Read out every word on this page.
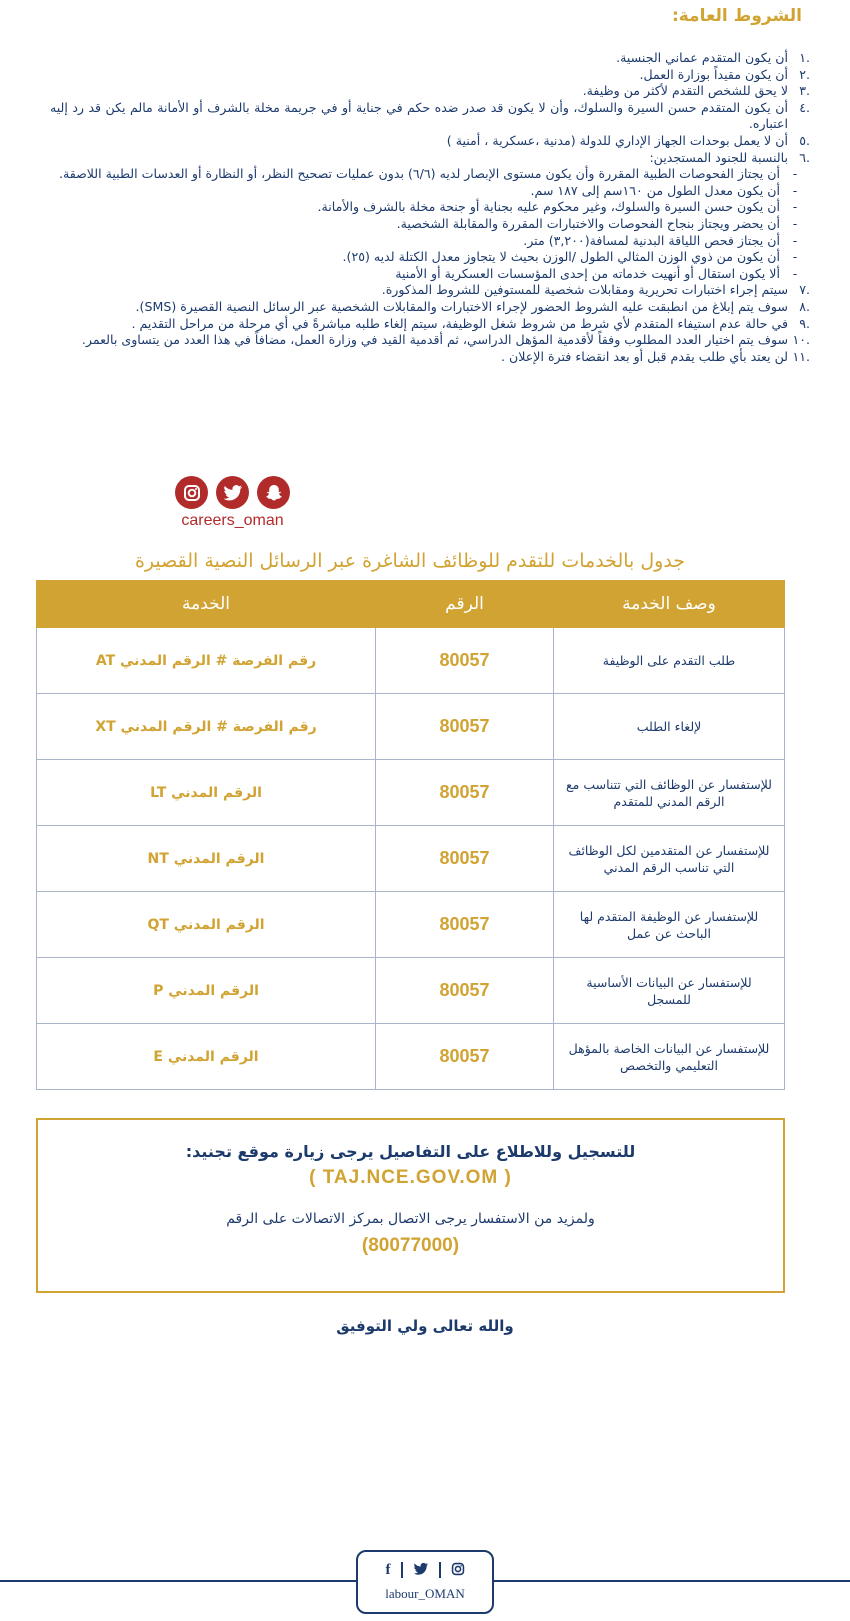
الشروط العامة:
.١
أن يكون المتقدم عماني الجنسية.
.٢
أن يكون مقيداً بوزارة العمل.
.٣
لا يحق للشخص التقدم لأكثر من وظيفة.
.٤
أن يكون المتقدم حسن السيرة والسلوك، وأن لا يكون قد صدر ضده حكم في جناية أو في جريمة مخلة بالشرف أو الأمانة مالم يكن قد رد إليه اعتباره.
.٥
أن لا يعمل بوحدات الجهاز الإداري للدولة (مدنية ،عسكرية ، أمنية )
.٦
بالنسبة للجنود المستجدين:
-
أن يجتاز الفحوصات الطبية المقررة وأن يكون مستوى الإبصار لديه (٦/٦) بدون عمليات تصحيح النظر، أو النظارة أو العدسات الطبية اللاصقة.
-
أن يكون معدل الطول من ١٦٠سم إلى ١٨٧ سم.
-
أن يكون حسن السيرة والسلوك، وغير محكوم عليه بجناية أو جنحة مخلة بالشرف والأمانة.
-
أن يحضر ويجتاز بنجاح الفحوصات والاختبارات المقررة والمقابلة الشخصية.
-
أن يجتاز فحص اللياقة البدنية لمسافة(٣,٢٠٠) متر.
-
أن يكون من ذوي الوزن المثالي الطول /الوزن بحيث لا يتجاوز معدل الكتلة لديه (٢٥).
-
ألا يكون استقال أو أنهيت خدماته من إحدى المؤسسات العسكرية أو الأمنية
.٧
سيتم إجراء اختبارات تحريرية ومقابلات شخصية للمستوفين للشروط المذكورة.
.٨
سوف يتم إبلاغ من انطبقت عليه الشروط الحضور لإجراء الاختبارات والمقابلات الشخصية عبر الرسائل النصية القصيرة (SMS).
.٩
في حالة عدم استيفاء المتقدم لأي شرط من شروط شغل الوظيفة، سيتم إلغاء طلبه مباشرةً في أي مرحلة من مراحل التقديم .
.١٠
سوف يتم اختيار العدد المطلوب وفقاً لأقدمية المؤهل الدراسي، ثم أقدمية القيد في وزارة العمل، مضافاً في هذا العدد من يتساوى بالعمر.
.١١
لن يعتد بأي طلب يقدم قبل أو بعد انقضاء فترة الإعلان .
careers_oman
جدول بالخدمات للتقدم للوظائف الشاغرة عبر الرسائل النصية القصيرة
وصف الخدمة	الرقم	الخدمة
طلب التقدم على الوظيفة	80057	رقم الفرصة # الرقم المدني AT
لإلغاء الطلب	80057	رقم الفرصة # الرقم المدني XT
للإستفسار عن الوظائف التي تتناسب مع الرقم المدني للمتقدم	80057	الرقم المدني LT
للإستفسار عن المتقدمين لكل الوظائف التي تناسب الرقم المدني	80057	الرقم المدني NT
للإستفسار عن الوظيفة المتقدم لها الباحث عن عمل	80057	الرقم المدني QT
للإستفسار عن البيانات الأساسية للمسجل	80057	الرقم المدني P
للإستفسار عن البيانات الخاصة بالمؤهل التعليمي والتخصص	80057	الرقم المدني E
للتسجيل وللاطلاع على التفاصيل يرجى زيارة موقع تجنيد:
( TAJ.NCE.GOV.OM )
ولمزيد من الاستفسار يرجى الاتصال بمركز الاتصالات على الرقم
(80077000)
والله تعالى ولي التوفيق
f
labour_OMAN
